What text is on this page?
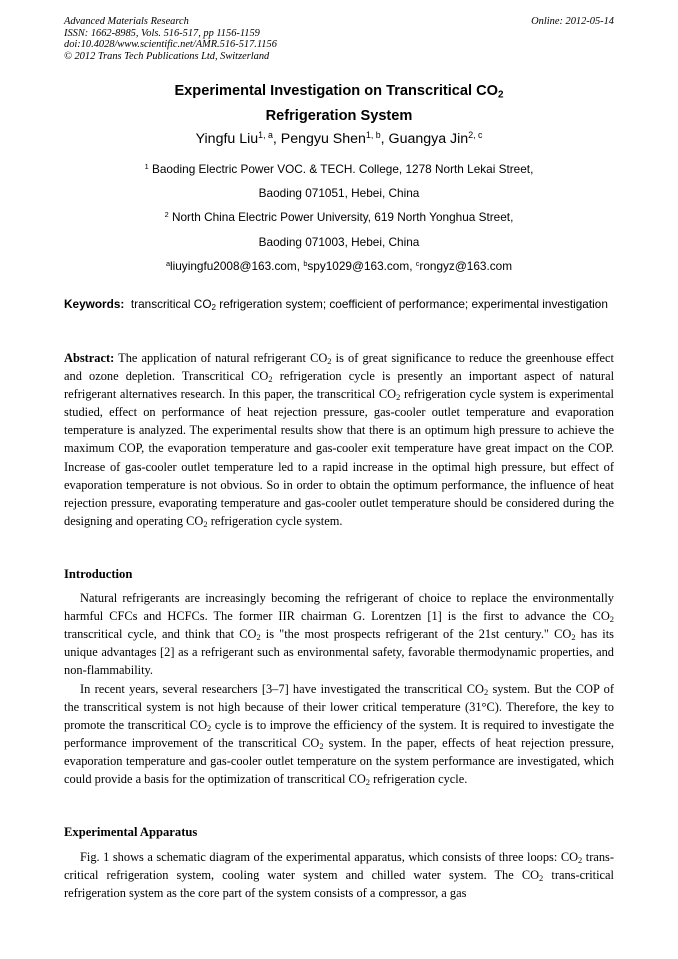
Advanced Materials Research
ISSN: 1662-8985, Vols. 516-517, pp 1156-1159
doi:10.4028/www.scientific.net/AMR.516-517.1156
© 2012 Trans Tech Publications Ltd, Switzerland
Online: 2012-05-14
Experimental Investigation on Transcritical $CO_2$
Refrigeration System
Yingfu Liu$^{1, a}$, Pengyu Shen$^{1, b}$, Guangya Jin$^{2, c}$
$^1$ Baoding Electric Power VOC. & TECH. College, 1278 North Lekai Street,
Baoding 071051, Hebei, China
$^2$ North China Electric Power University, 619 North Yonghua Street,
Baoding 071003, Hebei, China
$^a$liuyingfu2008@163.com, $^b$spy1029@163.com, $^c$rongyz@163.com
Keywords: transcritical $CO_2$ refrigeration system; coefficient of performance; experimental investigation
Abstract: The application of natural refrigerant $CO_2$ is of great significance to reduce the greenhouse effect and ozone depletion. Transcritical $CO_2$ refrigeration cycle is presently an important aspect of natural refrigerant alternatives research. In this paper, the transcritical $CO_2$ refrigeration cycle system is experimental studied, effect on performance of heat rejection pressure, gas-cooler outlet temperature and evaporation temperature is analyzed. The experimental results show that there is an optimum high pressure to achieve the maximum COP, the evaporation temperature and gas-cooler exit temperature have great impact on the COP. Increase of gas-cooler outlet temperature led to a rapid increase in the optimal high pressure, but effect of evaporation temperature is not obvious. So in order to obtain the optimum performance, the influence of heat rejection pressure, evaporating temperature and gas-cooler outlet temperature should be considered during the designing and operating $CO_2$ refrigeration cycle system.
Introduction
Natural refrigerants are increasingly becoming the refrigerant of choice to replace the environmentally harmful CFCs and HCFCs. The former IIR chairman G. Lorentzen [1] is the first to advance the $CO_2$ transcritical cycle, and think that $CO_2$ is "the most prospects refrigerant of the 21st century." $CO_2$ has its unique advantages [2] as a refrigerant such as environmental safety, favorable thermodynamic properties, and non-flammability.
In recent years, several researchers [3–7] have investigated the transcritical $CO_2$ system. But the COP of the transcritical system is not high because of their lower critical temperature (31°C). Therefore, the key to promote the transcritical $CO_2$ cycle is to improve the efficiency of the system. It is required to investigate the performance improvement of the transcritical $CO_2$ system. In the paper, effects of heat rejection pressure, evaporation temperature and gas-cooler outlet temperature on the system performance are investigated, which could provide a basis for the optimization of transcritical $CO_2$ refrigeration cycle.
Experimental Apparatus
Fig. 1 shows a schematic diagram of the experimental apparatus, which consists of three loops: $CO_2$ trans-critical refrigeration system, cooling water system and chilled water system. The $CO_2$ trans-critical refrigeration system as the core part of the system consists of a compressor, a gas
